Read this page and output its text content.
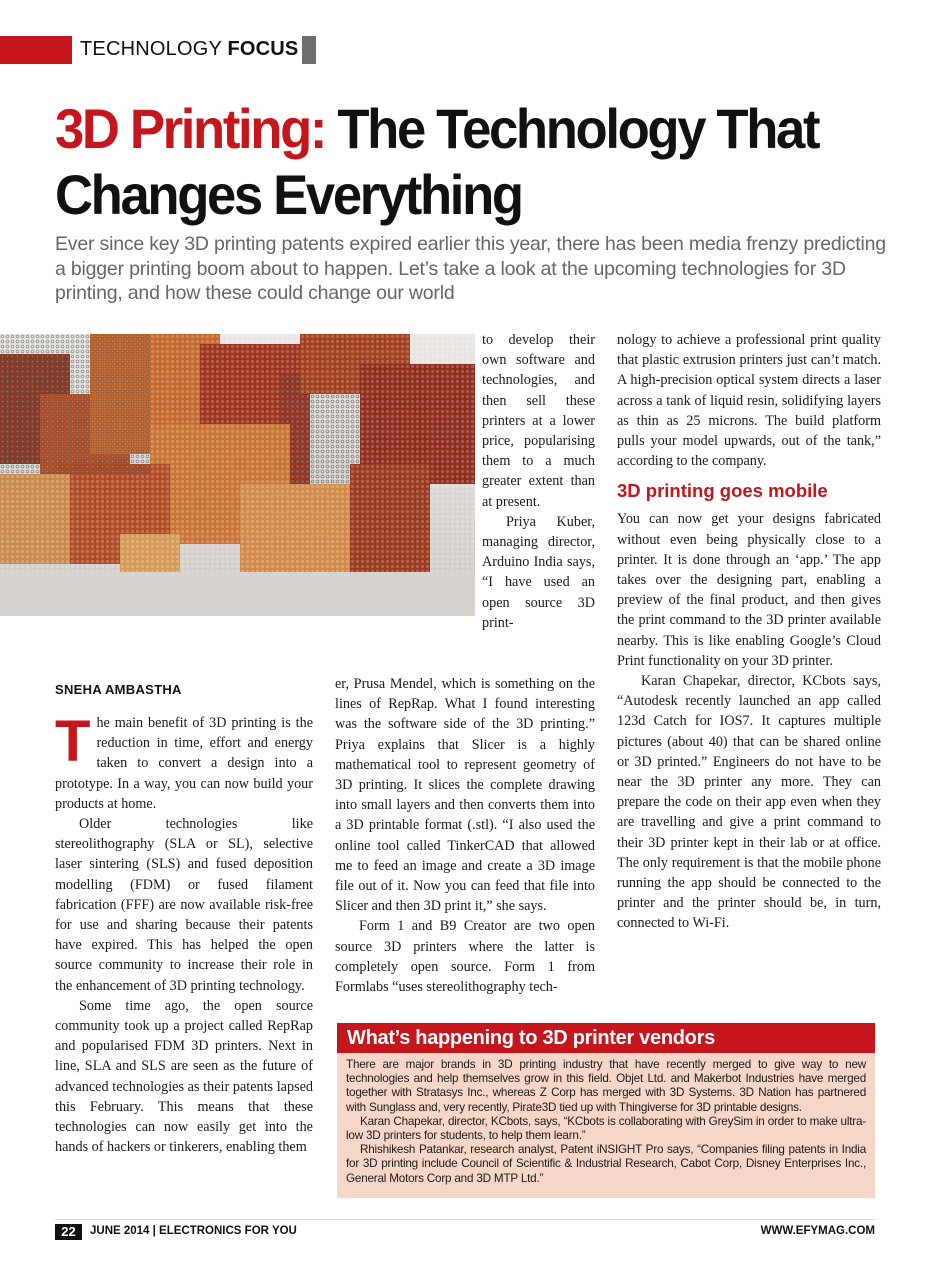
TECHNOLOGY FOCUS
3D Printing: The Technology That Changes Everything

Ever since key 3D printing patents expired earlier this year, there has been media frenzy predicting a bigger printing boom about to happen. Let’s take a look at the upcoming technologies for 3D printing, and how these could change our world

to develop their own software and technologies, and then sell these printers at a lower price, popularising them to a much greater extent than at present.

Priya Kuber, managing director, Arduino India says, “I have used an open source 3D print-

SNEHA AMBASTHA

The main benefit of 3D printing is the reduction in time, effort and energy taken to convert a design into a prototype. In a way, you can now build your products at home.

Older technologies like stereolithography (SLA or SL), selective laser sintering (SLS) and fused deposition modelling (FDM) or fused filament fabrication (FFF) are now available risk-free for use and sharing because their patents have expired. This has helped the open source community to increase their role in the enhancement of 3D printing technology.

Some time ago, the open source community took up a project called RepRap and popularised FDM 3D printers. Next in line, SLA and SLS are seen as the future of advanced technologies as their patents lapsed this February. This means that these technologies can now easily get into the hands of hackers or tinkerers, enabling them

er, Prusa Mendel, which is something on the lines of RepRap. What I found interesting was the software side of the 3D printing.” Priya explains that Slicer is a highly mathematical tool to represent geometry of 3D printing. It slices the complete drawing into small layers and then converts them into a 3D printable format (.stl). “I also used the online tool called TinkerCAD that allowed me to feed an image and create a 3D image file out of it. Now you can feed that file into Slicer and then 3D print it,” she says.

Form 1 and B9 Creator are two open source 3D printers where the latter is completely open source. Form 1 from Formlabs “uses stereolithography tech-

nology to achieve a professional print quality that plastic extrusion printers just can’t match. A high-precision optical system directs a laser across a tank of liquid resin, solidifying layers as thin as 25 microns. The build platform pulls your model upwards, out of the tank,” according to the company.

3D printing goes mobile

You can now get your designs fabricated without even being physically close to a printer. It is done through an ‘app.’ The app takes over the designing part, enabling a preview of the final product, and then gives the print command to the 3D printer available nearby. This is like enabling Google’s Cloud Print functionality on your 3D printer.

Karan Chapekar, director, KCbots says, “Autodesk recently launched an app called 123d Catch for IOS7. It captures multiple pictures (about 40) that can be shared online or 3D printed.” Engineers do not have to be near the 3D printer any more. They can prepare the code on their app even when they are travelling and give a print command to their 3D printer kept in their lab or at office. The only requirement is that the mobile phone running the app should be connected to the printer and the printer should be, in turn, connected to Wi-Fi.

What’s happening to 3D printer vendors

There are major brands in 3D printing industry that have recently merged to give way to new technologies and help themselves grow in this field. Objet Ltd. and Makerbot Industries have merged together with Stratasys Inc., whereas Z Corp has merged with 3D Systems. 3D Nation has partnered with Sunglass and, very recently, Pirate3D tied up with Thingiverse for 3D printable designs.

Karan Chapekar, director, KCbots, says, “KCbots is collaborating with GreySim in order to make ultra-low 3D printers for students, to help them learn.”

Rhishikesh Patankar, research analyst, Patent iNSIGHT Pro says, “Companies filing patents in India for 3D printing include Council of Scientific & Industrial Research, Cabot Corp, Disney Enterprises Inc., General Motors Corp and 3D MTP Ltd.”

22	JUNE 2014 | ELECTRONICS FOR YOU	WWW.EFYMAG.COM
